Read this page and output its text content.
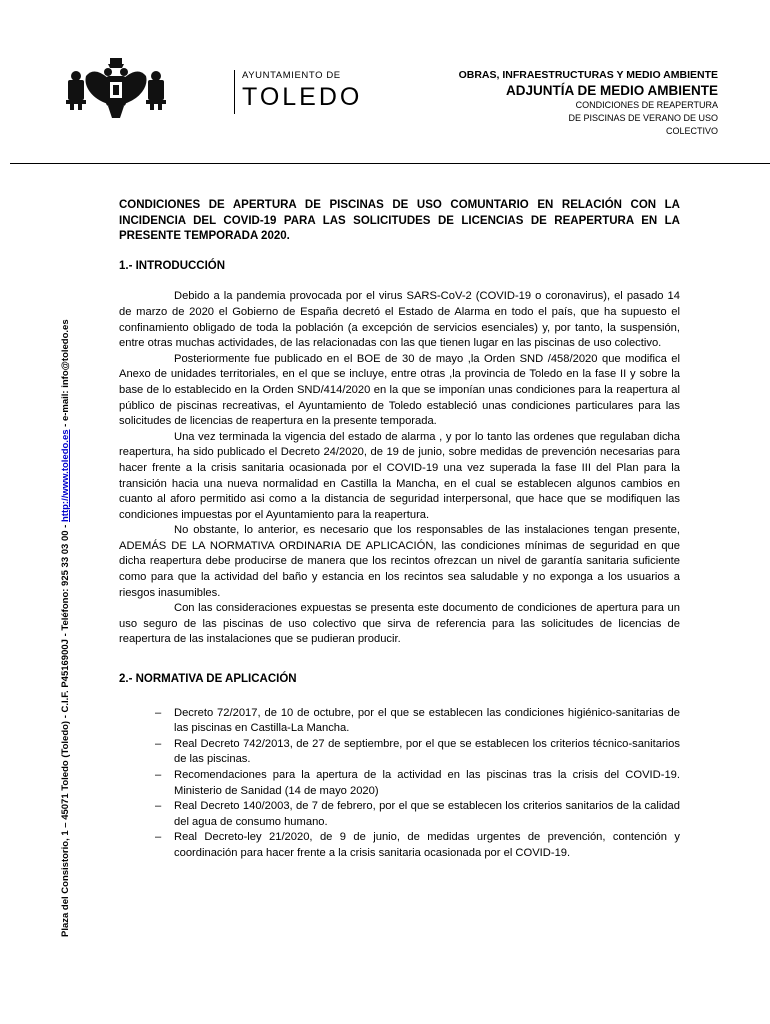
AYUNTAMIENTO DE
TOLEDO
OBRAS, INFRAESTRUCTURAS Y MEDIO AMBIENTE
ADJUNTÍA DE MEDIO AMBIENTE
CONDICIONES DE REAPERTURA DE PISCINAS DE VERANO DE USO COLECTIVO
Plaza del Consistorio, 1 – 45071 Toledo (Toledo) - C.I.F. P4516900J - Teléfono: 925 33 03 00 - http://www.toledo.es - e-mail: info@toledo.es

CONDICIONES DE APERTURA DE PISCINAS DE USO COMUNTARIO EN RELACIÓN CON LA INCIDENCIA DEL COVID-19 PARA LAS SOLICITUDES DE LICENCIAS DE REAPERTURA EN LA PRESENTE TEMPORADA 2020.

1.- INTRODUCCIÓN

Debido a la pandemia provocada por el virus SARS-CoV-2 (COVID-19 o coronavirus), el pasado 14 de marzo de 2020 el Gobierno de España decretó el Estado de Alarma en todo el país, que ha supuesto el confinamiento obligado de toda la población (a excepción de servicios esenciales) y, por tanto, la suspensión, entre otras muchas actividades, de las relacionadas con las que tienen lugar en las piscinas de uso colectivo.

Posteriormente fue publicado en el BOE de 30 de mayo ,la Orden SND /458/2020 que modifica el Anexo de unidades territoriales, en el que se incluye, entre otras ,la provincia de Toledo en la fase II y sobre la base de lo establecido en la Orden SND/414/2020 en la que se imponían unas condiciones para la reapertura al público de piscinas recreativas, el Ayuntamiento de Toledo estableció unas condiciones particulares para las solicitudes de licencias de reapertura en la presente temporada.

Una vez terminada la vigencia del estado de alarma , y por lo tanto las ordenes que regulaban dicha reapertura, ha sido publicado el Decreto 24/2020, de 19 de junio, sobre medidas de prevención necesarias para hacer frente a la crisis sanitaria ocasionada por el COVID-19 una vez superada la fase III del Plan para la transición hacia una nueva normalidad en Castilla la Mancha, en el cual se establecen algunos cambios en cuanto al aforo permitido asi como a la distancia de seguridad interpersonal, que hace que se modifiquen las condiciones impuestas por el Ayuntamiento para la reapertura.

No obstante, lo anterior, es necesario que los responsables de las instalaciones tengan presente, ADEMÁS DE LA NORMATIVA ORDINARIA DE APLICACIÓN, las condiciones mínimas de seguridad en que dicha reapertura debe producirse de manera que los recintos ofrezcan un nivel de garantía sanitaria suficiente como para que la actividad del baño y estancia en los recintos sea saludable y no exponga a los usuarios a riesgos inasumibles.

Con las consideraciones expuestas se presenta este documento de condiciones de apertura para un uso seguro de las piscinas de uso colectivo que sirva de referencia para las solicitudes de licencias de reapertura de las instalaciones que se pudieran producir.

2.- NORMATIVA DE APLICACIÓN
– Decreto 72/2017, de 10 de octubre, por el que se establecen las condiciones higiénico-sanitarias de las piscinas en Castilla-La Mancha.
– Real Decreto 742/2013, de 27 de septiembre, por el que se establecen los criterios técnico-sanitarios de las piscinas.
– Recomendaciones para la apertura de la actividad en las piscinas tras la crisis del COVID-19. Ministerio de Sanidad (14 de mayo 2020)
– Real Decreto 140/2003, de 7 de febrero, por el que se establecen los criterios sanitarios de la calidad del agua de consumo humano.
– Real Decreto-ley 21/2020, de 9 de junio, de medidas urgentes de prevención, contención y coordinación para hacer frente a la crisis sanitaria ocasionada por el COVID-19.
